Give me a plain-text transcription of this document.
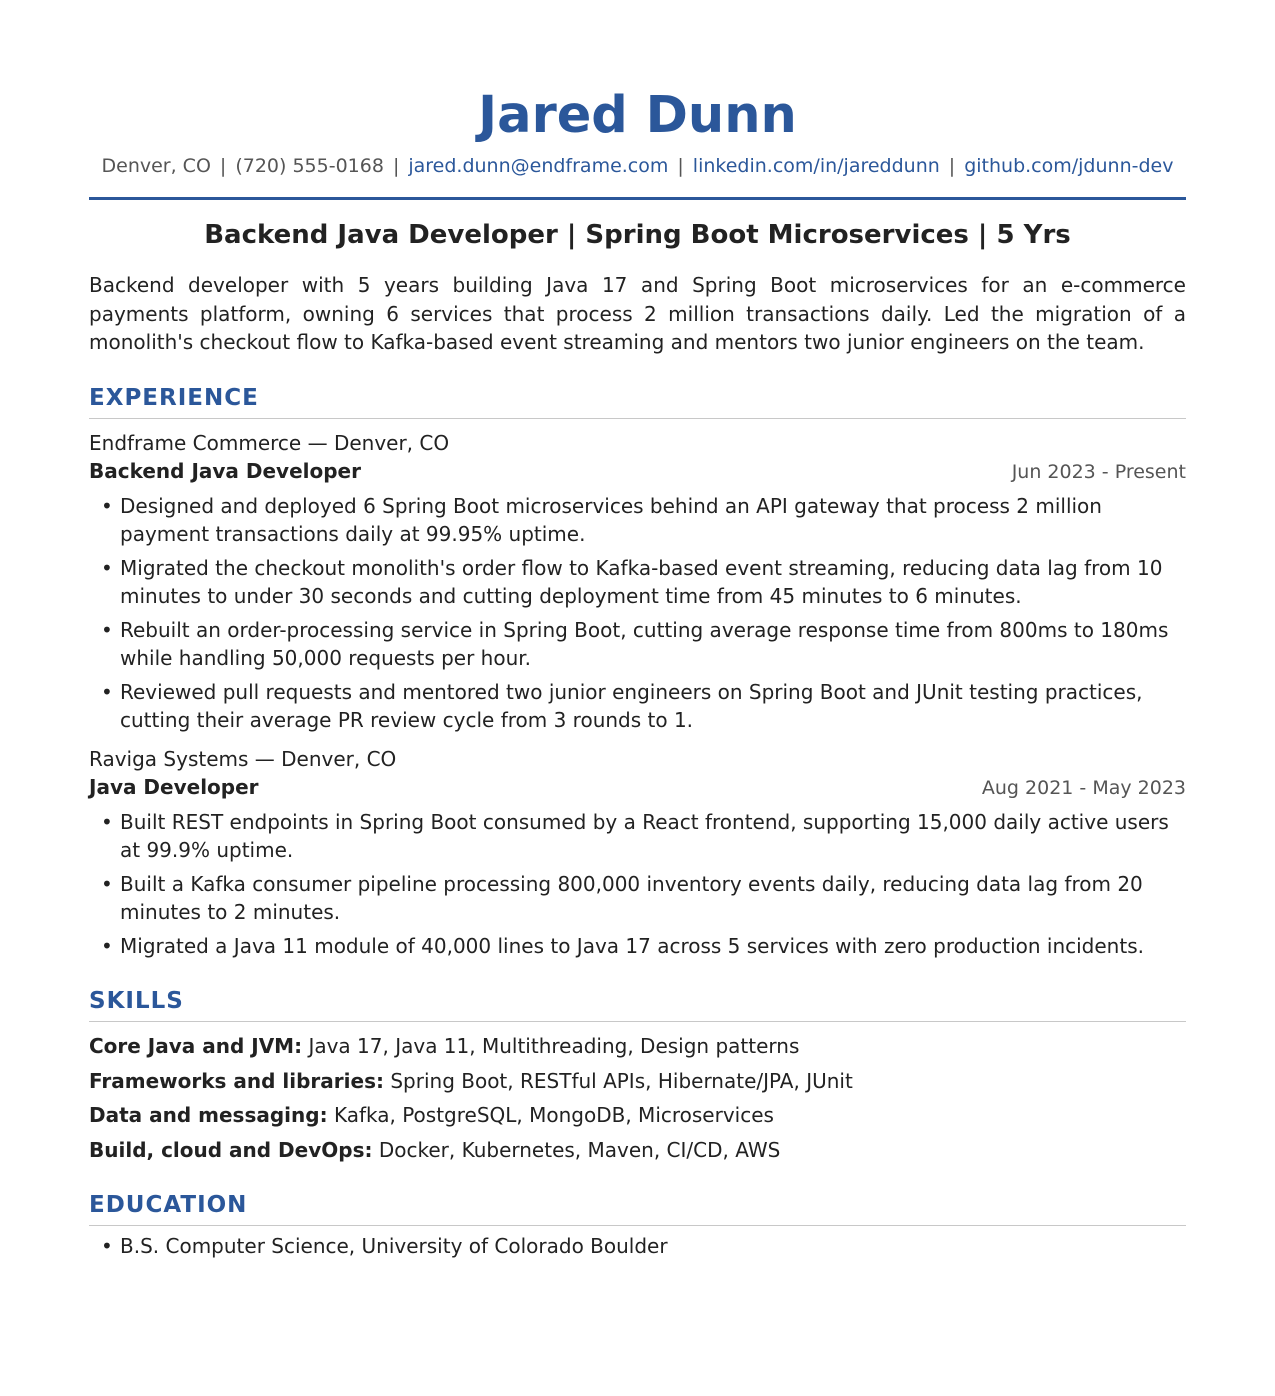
Jared Dunn
Denver, CO | (720) 555-0168 | jared.dunn@endframe.com | linkedin.com/in/jareddunn | github.com/jdunn-dev
Backend Java Developer | Spring Boot Microservices | 5 Yrs
Backend developer with 5 years building Java 17 and Spring Boot microservices for an e-commerce payments platform, owning 6 services that process 2 million transactions daily. Led the migration of a monolith's checkout flow to Kafka-based event streaming and mentors two junior engineers on the team.
EXPERIENCE
Endframe Commerce — Denver, CO
Backend Java Developer	Jun 2023 - Present
• Designed and deployed 6 Spring Boot microservices behind an API gateway that process 2 million payment transactions daily at 99.95% uptime.
• Migrated the checkout monolith's order flow to Kafka-based event streaming, reducing data lag from 10 minutes to under 30 seconds and cutting deployment time from 45 minutes to 6 minutes.
• Rebuilt an order-processing service in Spring Boot, cutting average response time from 800ms to 180ms while handling 50,000 requests per hour.
• Reviewed pull requests and mentored two junior engineers on Spring Boot and JUnit testing practices, cutting their average PR review cycle from 3 rounds to 1.
Raviga Systems — Denver, CO
Java Developer	Aug 2021 - May 2023
• Built REST endpoints in Spring Boot consumed by a React frontend, supporting 15,000 daily active users at 99.9% uptime.
• Built a Kafka consumer pipeline processing 800,000 inventory events daily, reducing data lag from 20 minutes to 2 minutes.
• Migrated a Java 11 module of 40,000 lines to Java 17 across 5 services with zero production incidents.
SKILLS
Core Java and JVM: Java 17, Java 11, Multithreading, Design patterns
Frameworks and libraries: Spring Boot, RESTful APIs, Hibernate/JPA, JUnit
Data and messaging: Kafka, PostgreSQL, MongoDB, Microservices
Build, cloud and DevOps: Docker, Kubernetes, Maven, CI/CD, AWS
EDUCATION
• B.S. Computer Science, University of Colorado Boulder
